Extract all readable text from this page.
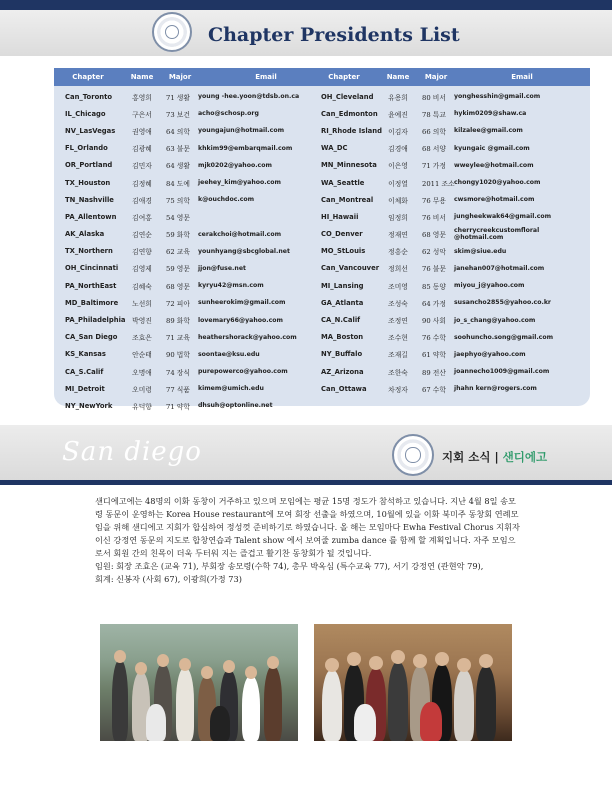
Chapter Presidents List
Chapter	Name	Major	Email
Can_Toronto	홍영희	71 생활	young -hee.yoon@tdsb.on.ca
IL_Chicago	구은서	73 보건	acho@schosp.org
NV_LasVegas	권영애	64 의학	youngajun@hotmail.com
FL_Orlando	김광혜	63 불문	khkim99@embarqmail.com
OR_Portland	김민자	64 생활	mjk0202@yahoo.com
TX_Houston	김정혜	84 도예	jeehey_kim@yahoo.com
TN_Nashville	김애경	75 의학	k@ouchdoc.com
PA_Allentown	김여홍	54 영문
AK_Alaska	김연순	59 화학	cerakchoi@hotmail.com
TX_Northern	김연향	62 교육	younhyang@sbcglobal.net
OH_Cincinnati	김영제	59 영문	jjon@fuse.net
PA_NorthEast	김혜숙	68 영문	kyryu42@msn.com
MD_Baltimore	노선희	72 피아	sunheerokim@gmail.com
PA_Philadelphia 박영진	89 화학	lovemary66@yahoo.com
CA_San Diego	조효은	71 교육	heathershorack@yahoo.com
KS_Kansas	안순태	90 법학	soontae@ksu.edu
CA_S.Calif	오명애	74 장식	purepowerco@yahoo.com
MI_Detroit	오미령	77 식품	kimem@umich.edu
NY_NewYork	유덕향	71 약학	dhsuh@optonline.net
Chapter	Name	Major	Email
OH_Cleveland	유용희	80 비서	yonghesshin@gmail.com
Can_Edmonton	윤예진	78 특교	hykim0209@shaw.ca
RI_Rhode Island 이김자	66 의학	kilzalee@gmail.com
WA_DC	김경애	68 서양	kyungaic @gmail.com
MN_Minnesota	이은영	71 가정	wweylee@hotmail.com
WA_Seattle	이정열	2011 조소 chongy1020@yahoo.com
Can_Montreal	이체화	76 무용	cwsmore@hotmail.com
HI_Hawaii	임정희	76 비서	jungheekwak64@gmail.com
CO_Denver	정재연	68 영문
cherrycreekcustomfloral @hotmail.com
MO_StLouis	정흥순	62 성악	skim@siue.edu
Can_Vancouver	정희선	76 불문	janehan007@hotmail.com
MI_Lansing	조미영	85 동양	miyou_j@yahoo.com
GA_Atlanta	조성숙	64 가정	susancho2855@yahoo.co.kr
CA_N.Calif	조정연	90 사회	jo_s_chang@yahoo.com
MA_Boston	조수현	76 수학	soohuncho.song@gmail.com
NY_Buffalo	조재길	61 약학	jaephyo@yahoo.com
AZ_Arizona	조한숙	89 전산	joannecho1009@gmail.com
Can_Ottawa	차정자	67 수학	jhahn kern@rogers.com
San diego	지회 소식 | 샌디에고

샌디에고에는 48명의 이화 동창이 거주하고 있으며 모임에는 평균 15명 정도가 참석하고 있습니다. 지난 4월 8일 송모령 동문이 운영하는 Korea House restaurant에 모여 회장 선출을 하였으며, 10월에 있을 이화 북미주 동창회 연례모임을 위해 샌디에고 지회가 합심하여 정성껏 준비하기로 하였습니다. 올 해는 모임마다 Ewha Festival Chorus 지휘자이신 강정연 동문의 지도로 합창연습과 Talent show 에서 보여줄 zumba dance 를 함께 할 계획입니다. 자주 모임으로서 회원 간의 친목이 더욱 두터워 지는 즐겁고 활기찬 동창회가 될 것입니다.

임원: 회장 조효은 (교육 71), 부회장 송모령(수학 74), 총무 박옥심 (특수교육 77), 서기 강정연 (관현악 79),

회계: 신봉자 (사회 67), 이광희(가정 73)
